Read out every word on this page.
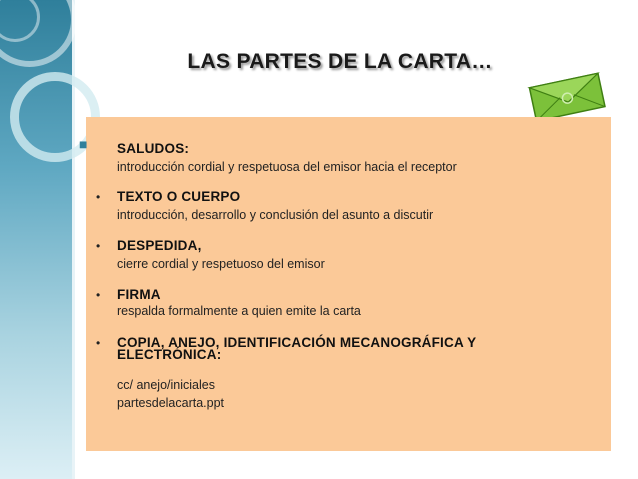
LAS PARTES DE LA CARTA…
■ SALUDOS:
introducción cordial y respetuosa del emisor hacia el receptor
• TEXTO O CUERPO
introducción, desarrollo y conclusión del asunto a discutir
• DESPEDIDA,
cierre cordial y respetuoso del emisor
• FIRMA
respalda formalmente a quien emite la carta
• COPIA, ANEJO, IDENTIFICACIÓN MECANOGRÁFICA Y
ELECTRÓNICA:
cc/ anejo/iniciales
partesdelacarta.ppt
